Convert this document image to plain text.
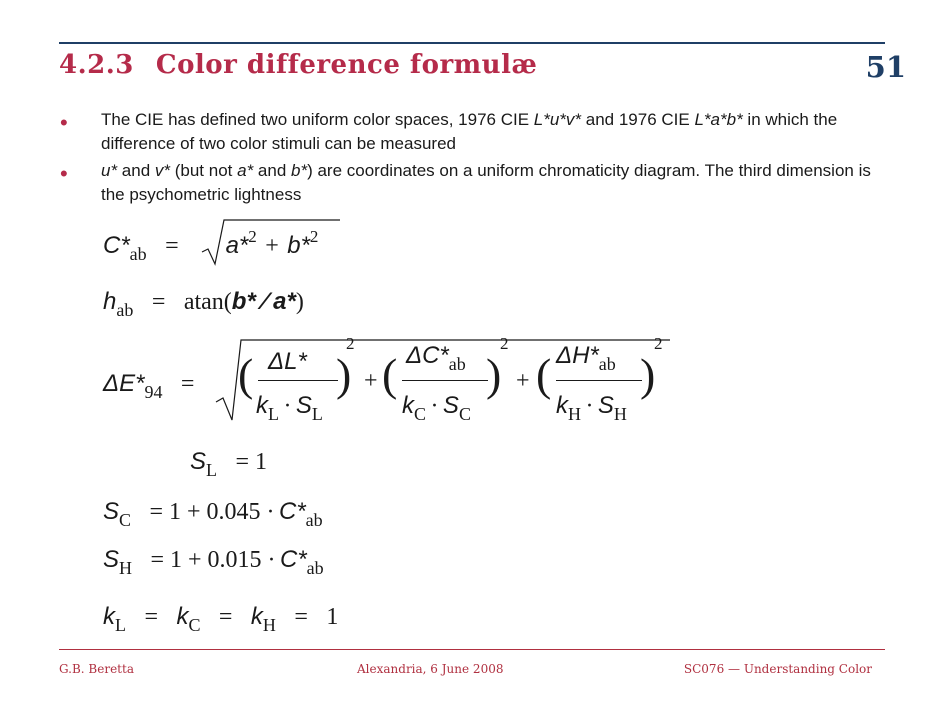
4.2.3 Color difference formulæ	51
• The CIE has defined two uniform color spaces, 1976 CIE L*u*v* and 1976 CIE L*a*b* in which the difference of two color stimuli can be measured
• u* and v* (but not a* and b*) are coordinates on a uniform chromaticity diagram. The third dimension is the psychometric lightness
C*ab = a*2 + b*2
hab = atan(b* ⁄ a*)
ΔE*94 = ( ΔL*
kL · SL
)
2
+ ( ΔC*ab
kC · SC
)
2
+ ( ΔH*ab
kH · SH
)
2
SL = 1
SC = 1 + 0.045 · C*ab
SH = 1 + 0.015 · C*ab
kL = kC = kH = 1
G.B. Beretta	Alexandria, 6 June 2008	SC076 — Understanding Color
